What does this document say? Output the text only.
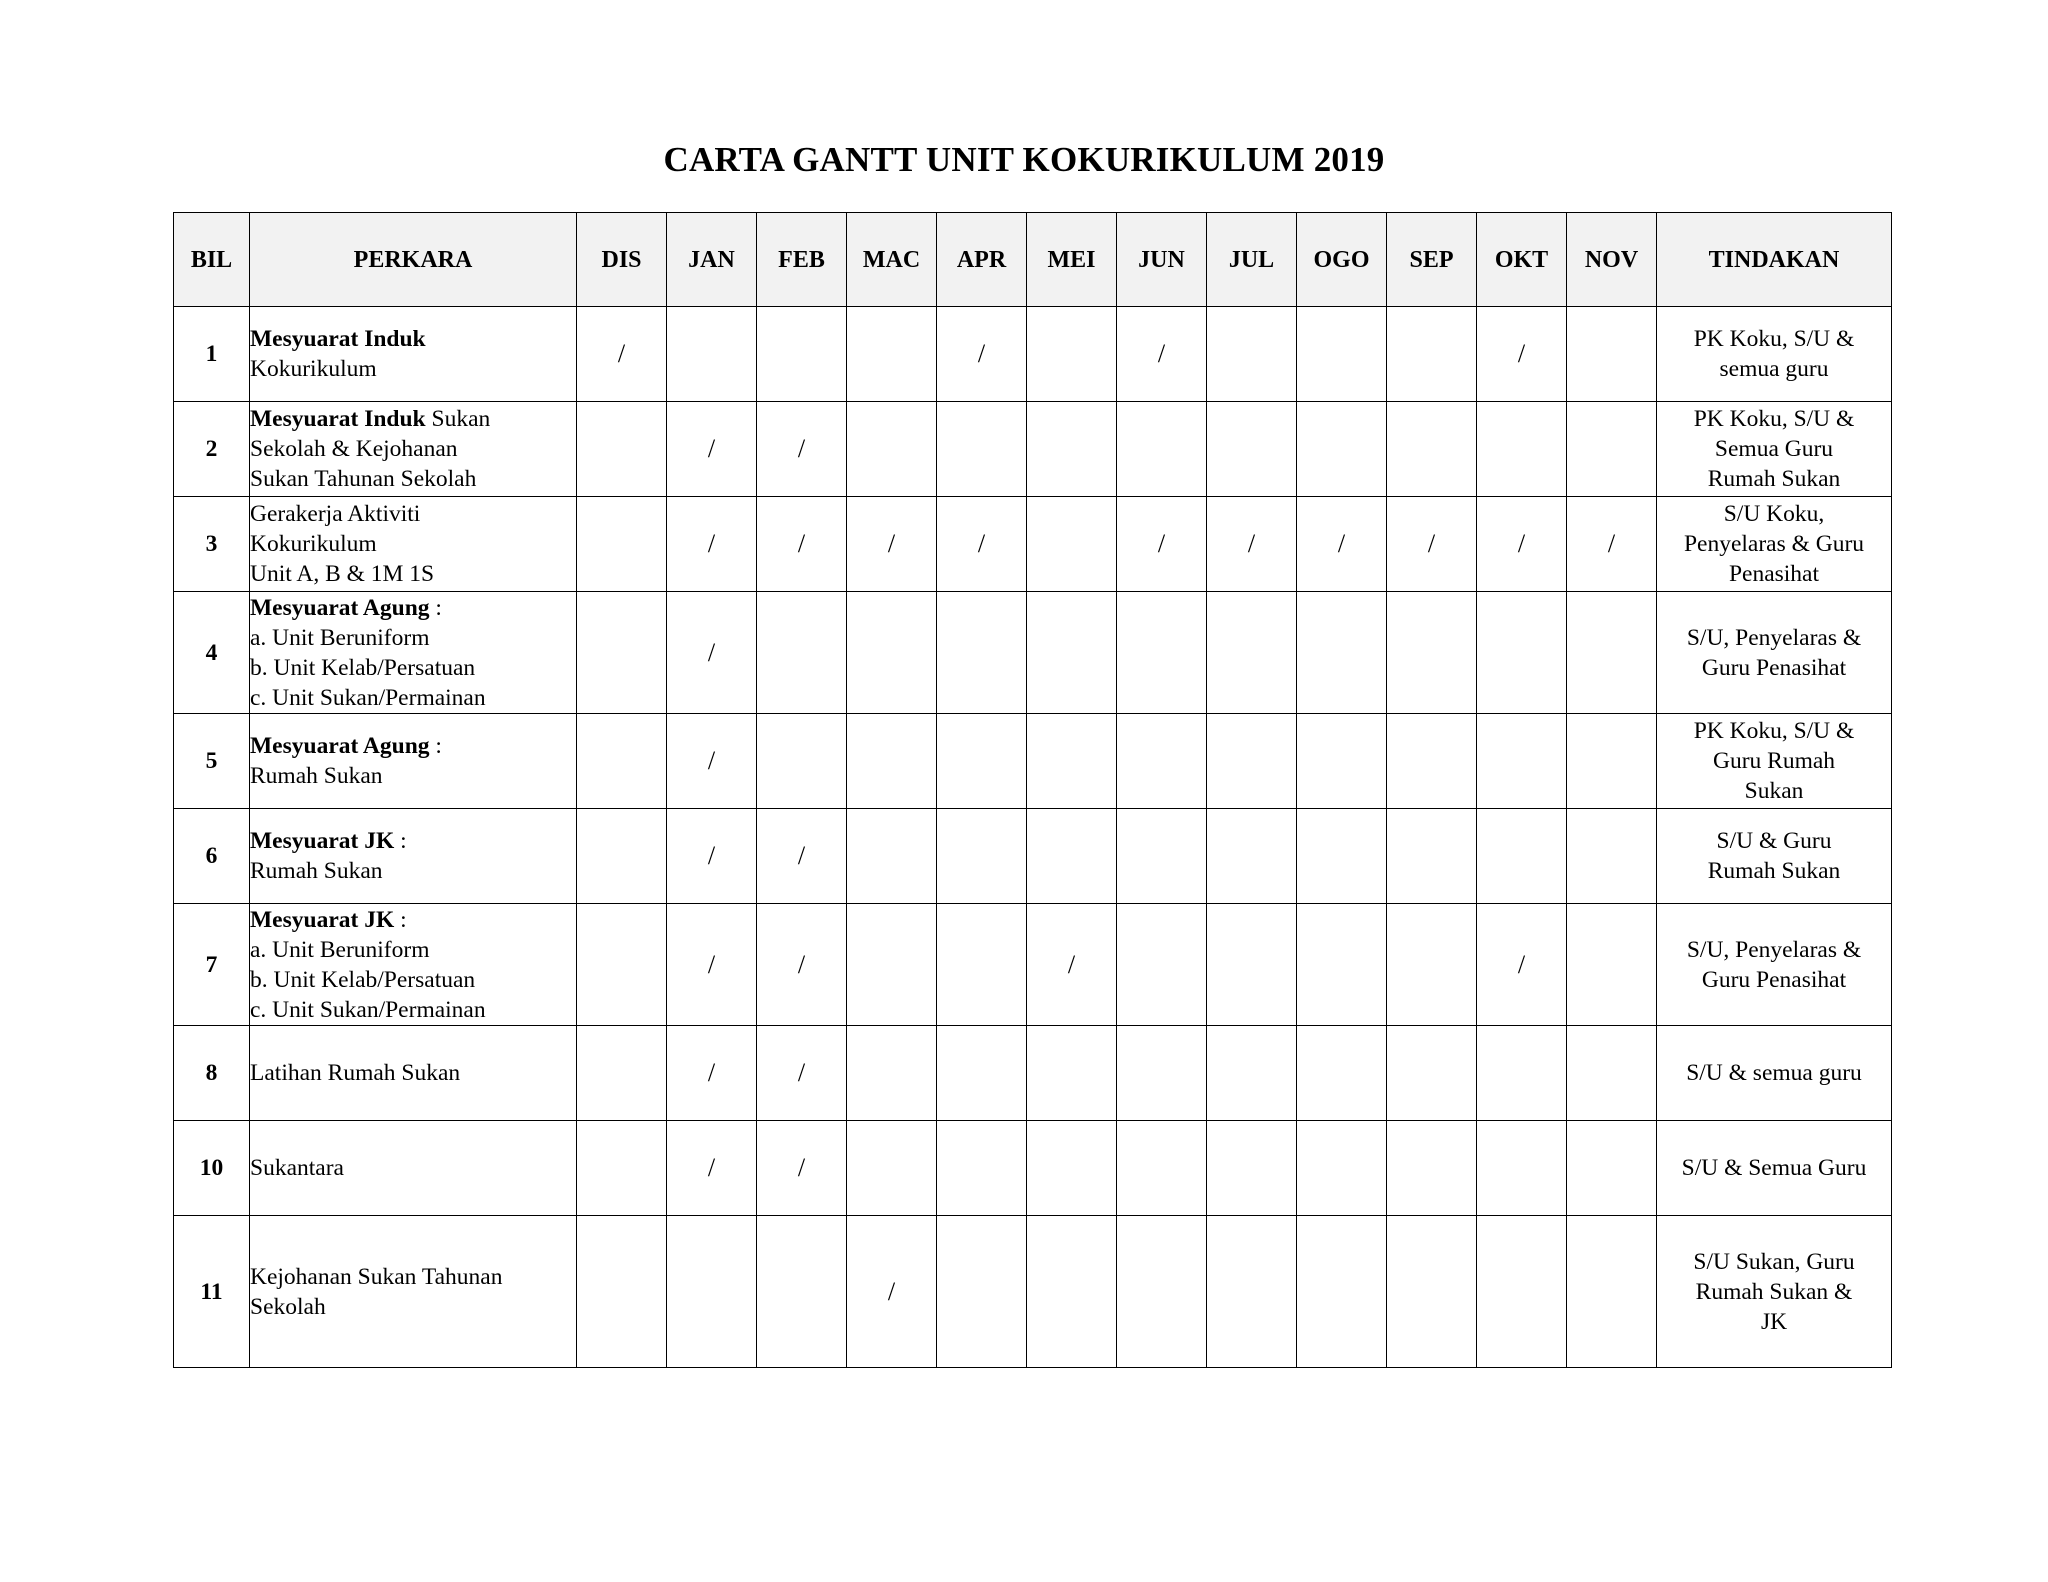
CARTA GANTT UNIT KOKURIKULUM 2019
BIL	PERKARA	DIS	JAN	FEB	MAC	APR	MEI	JUN	JUL	OGO	SEP	OKT	NOV	TINDAKAN
1	Mesyuarat Induk
Kokurikulum	/				/		/				/		PK Koku, S/U &
semua guru

2	Mesyuarat Induk Sukan
Sekolah & Kejohanan
Sukan Tahunan Sekolah		/	/										PK Koku, S/U &
Semua Guru
Rumah Sukan

3	Gerakerja Aktiviti
Kokurikulum
Unit A, B & 1M 1S		/	/	/	/		/	/	/	/	/	/	S/U Koku,
Penyelaras & Guru
Penasihat

4	Mesyuarat Agung :
a. Unit Beruniform
b. Unit Kelab/Persatuan
c. Unit Sukan/Permainan		/											S/U, Penyelaras &
Guru Penasihat

5	Mesyuarat Agung :
Rumah Sukan		/											PK Koku, S/U &
Guru Rumah
Sukan

6	Mesyuarat JK :
Rumah Sukan		/	/										S/U & Guru
Rumah Sukan

7	Mesyuarat JK :
a. Unit Beruniform
b. Unit Kelab/Persatuan
c. Unit Sukan/Permainan		/	/			/					/		S/U, Penyelaras &
Guru Penasihat

8	Latihan Rumah Sukan		/	/										S/U & semua guru

10	Sukantara		/	/										S/U & Semua Guru

11	Kejohanan Sukan Tahunan
Sekolah				/									S/U Sukan, Guru
Rumah Sukan &
JK
